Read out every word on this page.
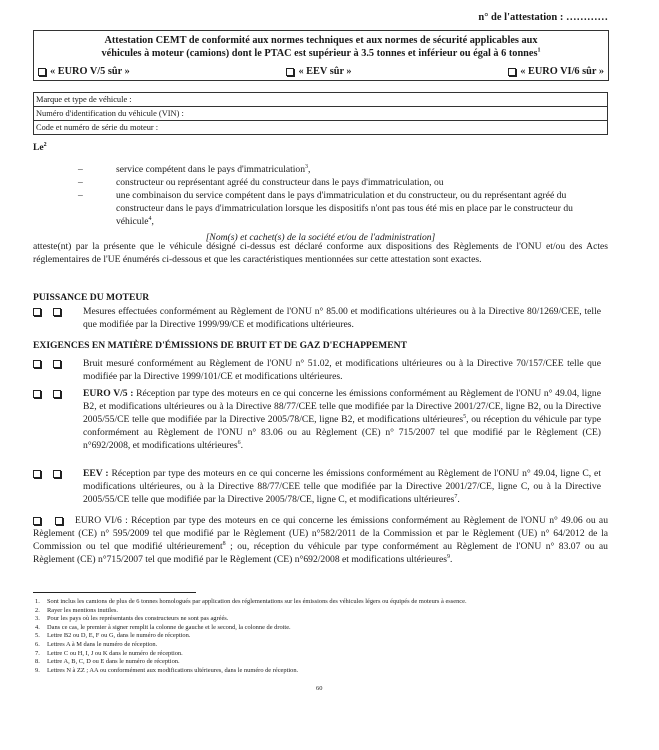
n° de l'attestation : …………
Attestation CEMT de conformité aux normes techniques et aux normes de sécurité applicables aux
véhicules à moteur (camions) dont le PTAC est supérieur à 3.5 tonnes et inférieur ou égal à 6 tonnes$^1$
« EURO V/5 sûr »	« EEV sûr »	« EURO VI/6 sûr »
Marque et type de véhicule :
Numéro d'identification du véhicule (VIN) :
Code et numéro de série du moteur :
Le$^2$
–	service compétent dans le pays d'immatriculation$^3$,
–	constructeur ou représentant agréé du constructeur dans le pays d'immatriculation, ou
–	une combinaison du service compétent dans le pays d'immatriculation et du constructeur, ou du représentant agréé du constructeur dans le pays d'immatriculation lorsque les dispositifs n'ont pas tous été mis en place par le constructeur du véhicule$^4$,
[Nom(s) et cachet(s) de la société et/ou de l'administration]
atteste(nt) par la présente que le véhicule désigné ci-dessus est déclaré conforme aux dispositions des Règlements de l'ONU et/ou des Actes réglementaires de l'UE énumérés ci-dessous et que les caractéristiques mentionnées sur cette attestation sont exactes.
PUISSANCE DU MOTEUR
Mesures effectuées conformément au Règlement de l'ONU n° 85.00 et modifications ultérieures ou à la Directive 80/1269/CEE, telle que modifiée par la Directive 1999/99/CE et modifications ultérieures.
EXIGENCES EN MATIÈRE D'ÉMISSIONS DE BRUIT ET DE GAZ D'ECHAPPEMENT
Bruit mesuré conformément au Règlement de l'ONU n° 51.02, et modifications ultérieures ou à la Directive 70/157/CEE telle que modifiée par la Directive 1999/101/CE et modifications ultérieures.
EURO V/5 : Réception par type des moteurs en ce qui concerne les émissions conformément au Règlement de l'ONU n° 49.04, ligne B2, et modifications ultérieures ou à la Directive 88/77/CEE telle que modifiée par la Directive 2001/27/CE, ligne B2, ou la Directive 2005/55/CE telle que modifiée par la Directive 2005/78/CE, ligne B2, et modifications ultérieures$^5$, ou réception du véhicule par type conformément au Règlement de l'ONU n° 83.06 ou au Règlement (CE) n° 715/2007 tel que modifié par le Règlement (CE) n°692/2008, et modifications ultérieures$^6$.
EEV : Réception par type des moteurs en ce qui concerne les émissions conformément au Règlement de l'ONU n° 49.04, ligne C, et modifications ultérieures, ou à la Directive 88/77/CEE telle que modifiée par la Directive 2001/27/CE, ligne C, ou à la Directive 2005/55/CE telle que modifiée par la Directive 2005/78/CE, ligne C, et modifications ultérieures$^7$.
EURO VI/6 : Réception par type des moteurs en ce qui concerne les émissions conformément au Règlement de l'ONU n° 49.06 ou au Règlement (CE) n° 595/2009 tel que modifié par le Règlement (UE) n°582/2011 de la Commission et par le Règlement (UE) n° 64/2012 de la Commission ou tel que modifié ultérieurement$^8$ ; ou, réception du véhicule par type conformément au Règlement de l'ONU n° 83.07 ou au Règlement (CE) n°715/2007 tel que modifié par le Règlement (CE) n°692/2008 et modifications ultérieures$^9$.
1.	Sont inclus les camions de plus de 6 tonnes homologués par application des réglementations sur les émissions des véhicules légers ou équipés de moteurs à essence.
2.	Rayer les mentions inutiles.
3.	Pour les pays où les représentants des constructeurs ne sont pas agréés.
4.	Dans ce cas, le premier à signer remplit la colonne de gauche et le second, la colonne de droite.
5.	Lettre B2 ou D, E, F ou G, dans le numéro de réception.
6.	Lettres A à M dans le numéro de réception.
7.	Lettre C ou H, I, J ou K dans le numéro de réception.
8.	Lettre A, B, C, D ou E dans le numéro de réception.
9.	Lettres N à ZZ ; AA ou conformément aux modifications ultérieures, dans le numéro de réception.
60
